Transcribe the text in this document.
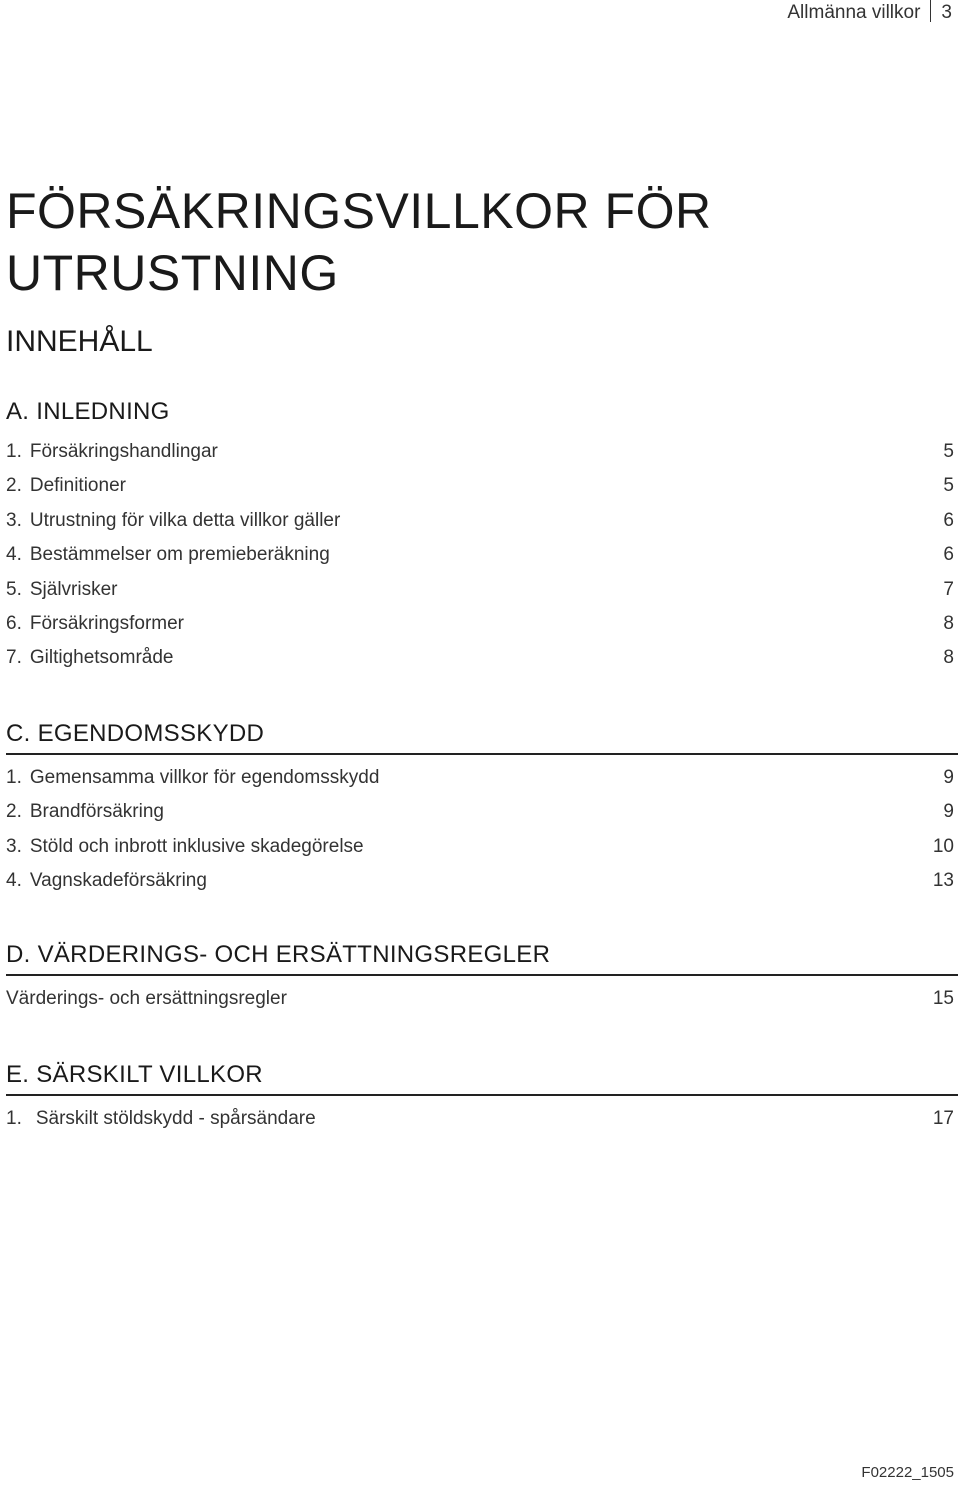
Allmänna villkor 3
FÖRSÄKRINGSVILLKOR FÖR
UTRUSTNING
INNEHÅLL
A. INLEDNING
1. Försäkringshandlingar	5
2. Definitioner	5
3. Utrustning för vilka detta villkor gäller	6
4. Bestämmelser om premieberäkning	6
5. Självrisker	7
6. Försäkringsformer	8
7. Giltighetsområde	8
C. EGENDOMSSKYDD
1. Gemensamma villkor för egendomsskydd	9
2. Brandförsäkring	9
3. Stöld och inbrott inklusive skadegörelse	10
4. Vagnskadeförsäkring	13
D. VÄRDERINGS- OCH ERSÄTTNINGSREGLER
Värderings- och ersättningsregler	15
E. SÄRSKILT VILLKOR
1. Särskilt stöldskydd - spårsändare	17
F02222_1505
